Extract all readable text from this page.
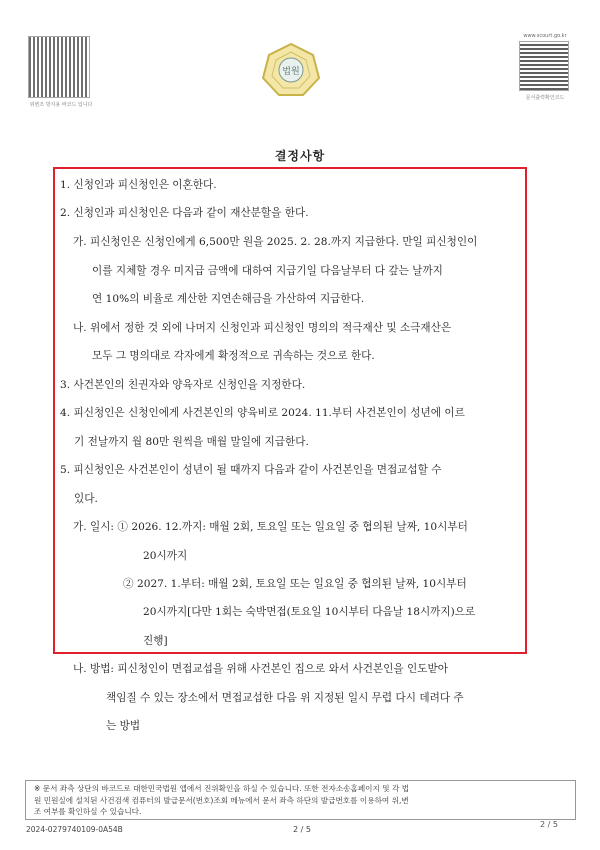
위변조 방지용 바코드 입니다
법원
www.scourt.go.kr
문서출력확인코드
결정사항
1. 신청인과 피신청인은 이혼한다.
2. 신청인과 피신청인은 다음과 같이 재산분할을 한다.
가. 피신청인은 신청인에게 6,500만 원을 2025. 2. 28.까지 지급한다. 만일 피신청인이
이를 지체할 경우 미지급 금액에 대하여 지급기일 다음날부터 다 갚는 날까지
연 10%의 비율로 계산한 지연손해금을 가산하여 지급한다.
나. 위에서 정한 것 외에 나머지 신청인과 피신청인 명의의 적극재산 및 소극재산은
모두 그 명의대로 각자에게 확정적으로 귀속하는 것으로 한다.
3. 사건본인의 친권자와 양육자로 신청인을 지정한다.
4. 피신청인은 신청인에게 사건본인의 양육비로 2024. 11.부터 사건본인이 성년에 이르
기 전날까지 월 80만 원씩을 매월 말일에 지급한다.
5. 피신청인은 사건본인이 성년이 될 때까지 다음과 같이 사건본인을 면접교섭할 수
있다.
가. 일시: ① 2026. 12.까지: 매월 2회, 토요일 또는 일요일 중 협의된 날짜, 10시부터
20시까지
② 2027. 1.부터: 매월 2회, 토요일 또는 일요일 중 협의된 날짜, 10시부터
20시까지[다만 1회는 숙박면접(토요일 10시부터 다음날 18시까지)으로
진행]
나. 방법: 피신청인이 면접교섭을 위해 사건본인 집으로 와서 사건본인을 인도받아
책임질 수 있는 장소에서 면접교섭한 다음 위 지정된 일시 무렵 다시 데려다 주
는 방법
※ 문서 좌측 상단의 바코드로 대한민국법원 앱에서 진위확인을 하실 수 있습니다. 또한 전자소송홈페이지 및 각 법
원 민원실에 설치된 사건검색 컴퓨터의 발급문서(번호)조회 메뉴에서 문서 좌측 하단의 발급번호를 이용하여 위,변
조 여부를 확인하실 수 있습니다.
2024-0279740109-0A54B	2 / 5
2 / 5
